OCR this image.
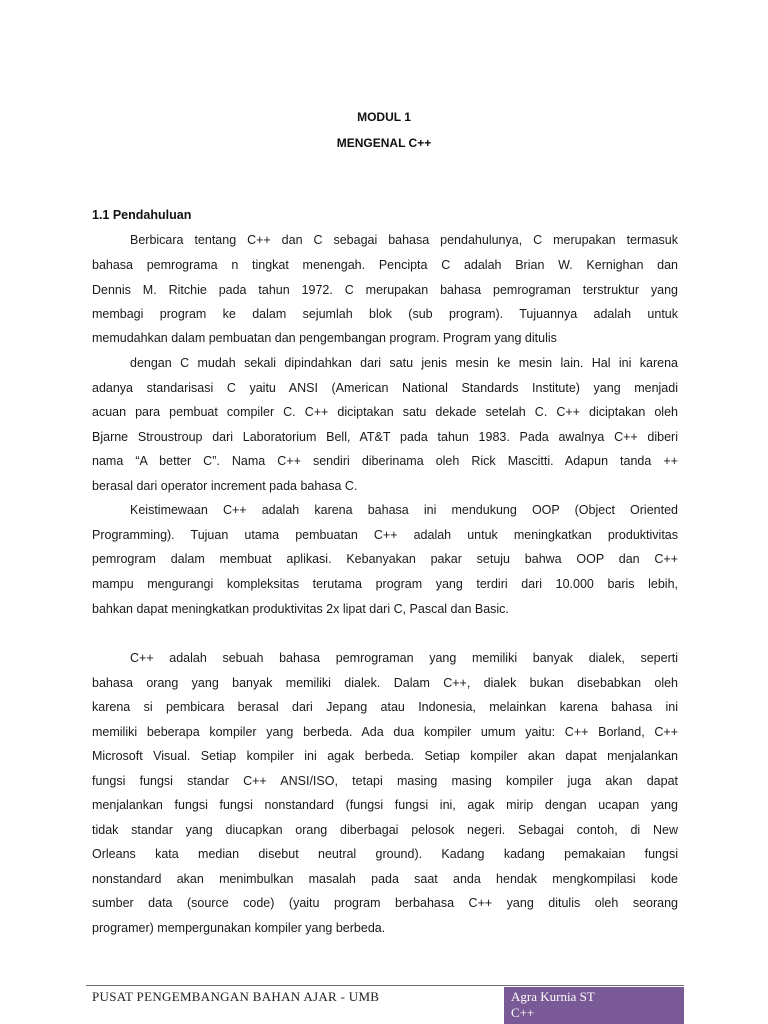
MODUL 1
MENGENAL C++
1.1 Pendahuluan
Berbicara tentang C++ dan C sebagai bahasa pendahulunya, C merupakan termasuk
bahasa pemrograma n tingkat menengah. Pencipta C adalah Brian W. Kernighan dan
Dennis M. Ritchie pada tahun 1972. C merupakan bahasa pemrograman terstruktur yang
membagi program ke dalam sejumlah blok (sub program). Tujuannya adalah untuk
memudahkan dalam pembuatan dan pengembangan program. Program yang ditulis
dengan C mudah sekali dipindahkan dari satu jenis mesin ke mesin lain. Hal ini karena
adanya standarisasi C yaitu ANSI (American National Standards Institute) yang menjadi
acuan para pembuat compiler C. C++ diciptakan satu dekade setelah C. C++ diciptakan oleh
Bjarne Stroustroup dari Laboratorium Bell, AT&T pada tahun 1983. Pada awalnya C++ diberi
nama “A better C”. Nama C++ sendiri diberinama oleh Rick Mascitti. Adapun tanda ++
berasal dari operator increment pada bahasa C.
Keistimewaan C++ adalah karena bahasa ini mendukung OOP (Object Oriented
Programming). Tujuan utama pembuatan C++ adalah untuk meningkatkan produktivitas
pemrogram dalam membuat aplikasi. Kebanyakan pakar setuju bahwa OOP dan C++
mampu mengurangi kompleksitas terutama program yang terdiri dari 10.000 baris lebih,
bahkan dapat meningkatkan produktivitas 2x lipat dari C, Pascal dan Basic.
C++ adalah sebuah bahasa pemrograman yang memiliki banyak dialek, seperti
bahasa orang yang banyak memiliki dialek. Dalam C++, dialek bukan disebabkan oleh
karena si pembicara berasal dari Jepang atau Indonesia, melainkan karena bahasa ini
memiliki beberapa kompiler yang berbeda. Ada dua kompiler umum yaitu: C++ Borland, C++
Microsoft Visual. Setiap kompiler ini agak berbeda. Setiap kompiler akan dapat menjalankan
fungsi fungsi standar C++ ANSI/ISO, tetapi masing masing kompiler juga akan dapat
menjalankan fungsi fungsi nonstandard (fungsi fungsi ini, agak mirip dengan ucapan yang
tidak standar yang diucapkan orang diberbagai pelosok negeri. Sebagai contoh, di New
Orleans kata median disebut neutral ground). Kadang kadang pemakaian fungsi
nonstandard akan menimbulkan masalah pada saat anda hendak mengkompilasi kode
sumber data (source code) (yaitu program berbahasa C++ yang ditulis oleh seorang
programer) mempergunakan kompiler yang berbeda.
PUSAT PENGEMBANGAN BAHAN AJAR - UMB	Agra Kurnia ST
C++
